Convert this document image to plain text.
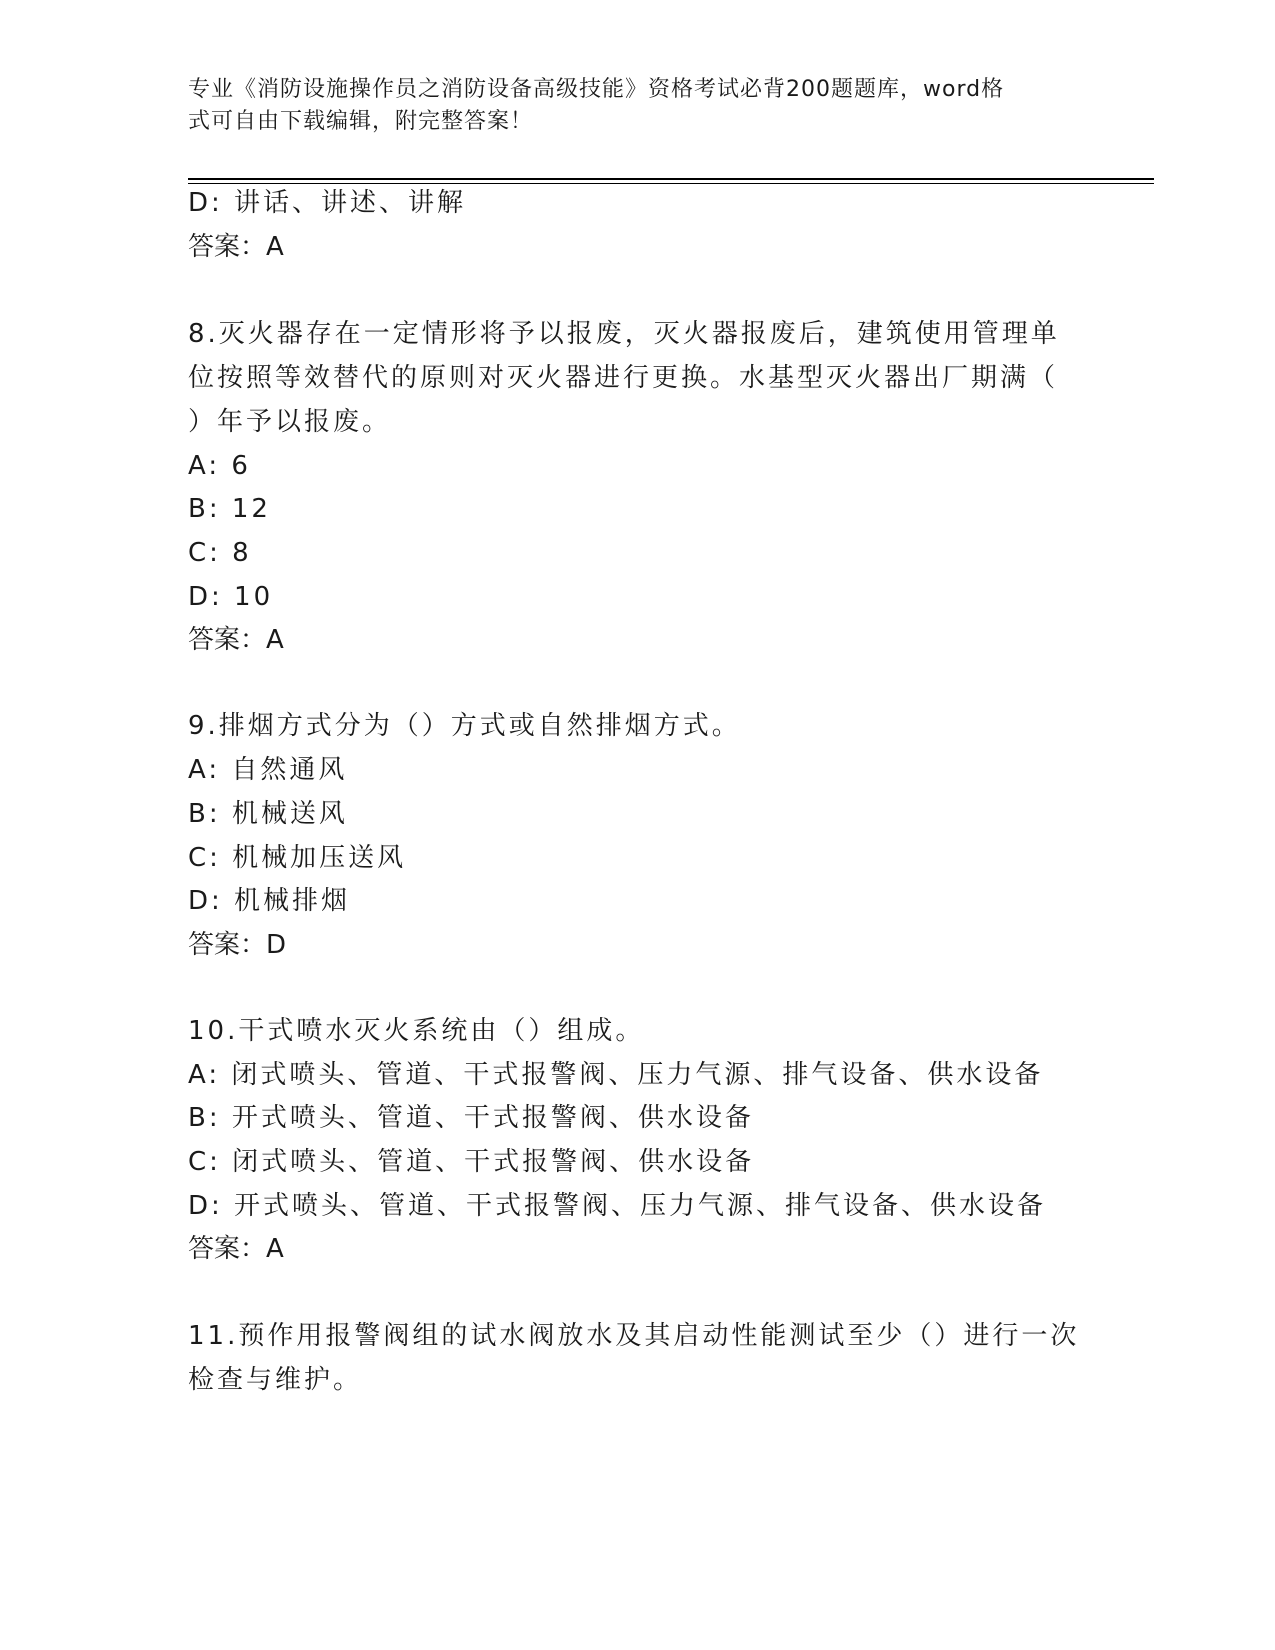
专业《消防设施操作员之消防设备高级技能》资格考试必背200题题库，word格
式可自由下载编辑，附完整答案！
D: 讲话、讲述、讲解
答案：A
8.灭火器存在一定情形将予以报废，灭火器报废后，建筑使用管理单
位按照等效替代的原则对灭火器进行更换。水基型灭火器出厂期满（
）年予以报废。
A: 6
B: 12
C: 8
D: 10
答案：A
9.排烟方式分为（）方式或自然排烟方式。
A: 自然通风
B: 机械送风
C: 机械加压送风
D: 机械排烟
答案：D
10.干式喷水灭火系统由（）组成。
A: 闭式喷头、管道、干式报警阀、压力气源、排气设备、供水设备
B: 开式喷头、管道、干式报警阀、供水设备
C: 闭式喷头、管道、干式报警阀、供水设备
D: 开式喷头、管道、干式报警阀、压力气源、排气设备、供水设备
答案：A
11.预作用报警阀组的试水阀放水及其启动性能测试至少（）进行一次
检查与维护。
